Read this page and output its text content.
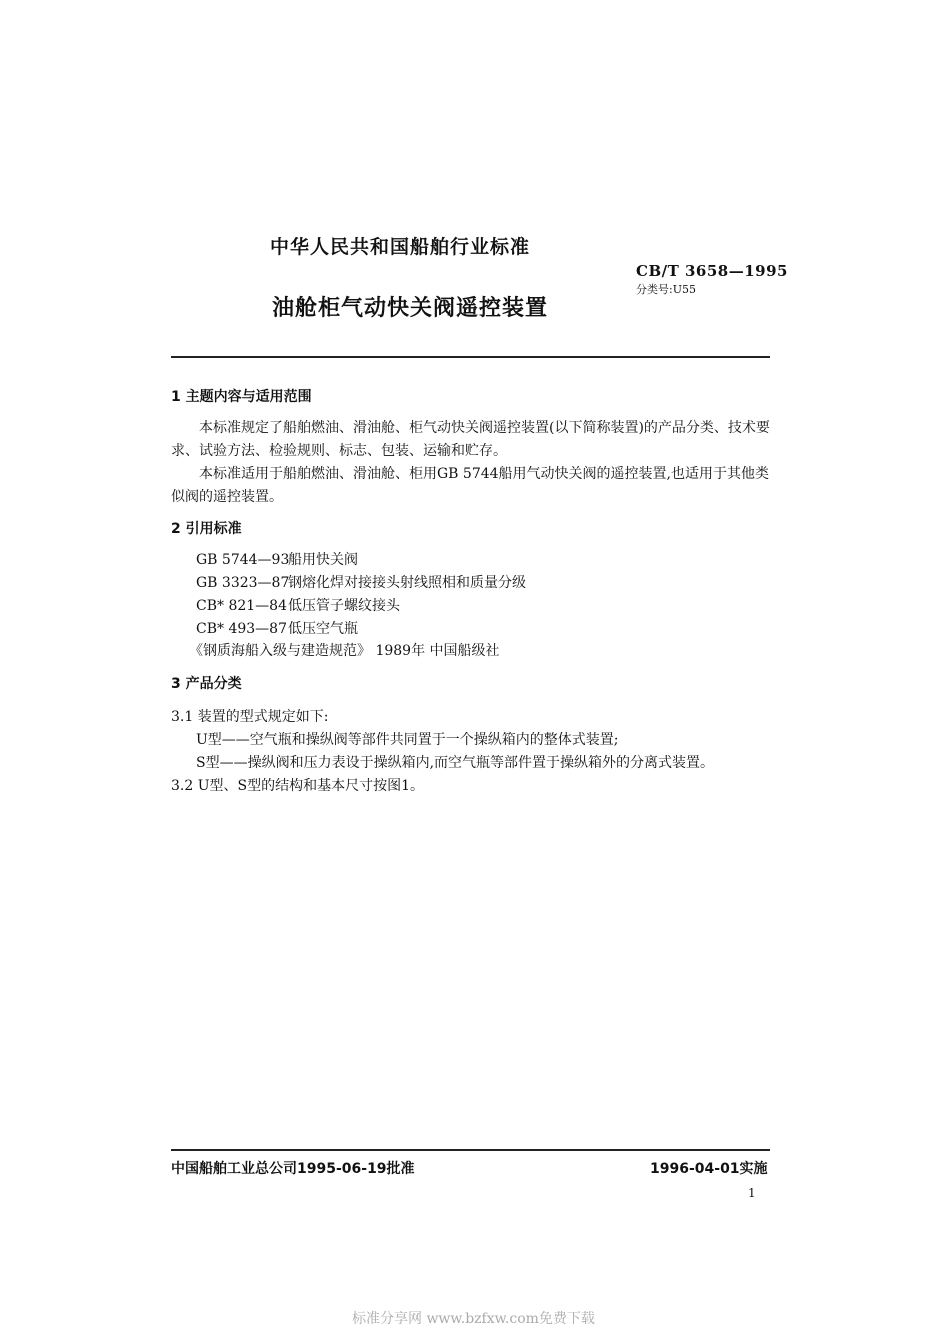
中华人民共和国船舶行业标准
CB/T 3658—1995
分类号:U55
油舱柜气动快关阀遥控装置
1 主题内容与适用范围
本标准规定了船舶燃油、滑油舱、柜气动快关阀遥控装置(以下简称装置)的产品分类、技术要求、试验方法、检验规则、标志、包装、运输和贮存。
本标准适用于船舶燃油、滑油舱、柜用GB 5744船用气动快关阀的遥控装置,也适用于其他类似阀的遥控装置。
2 引用标准
GB 5744—93船用快关阀
GB 3323—87钢熔化焊对接接头射线照相和质量分级
CB* 821—84低压管子螺纹接头
CB* 493—87低压空气瓶
《钢质海船入级与建造规范》 1989年 中国船级社
3 产品分类
3.1 装置的型式规定如下:
U型——空气瓶和操纵阀等部件共同置于一个操纵箱内的整体式装置;
S型——操纵阀和压力表设于操纵箱内,而空气瓶等部件置于操纵箱外的分离式装置。
3.2 U型、S型的结构和基本尺寸按图1。
中国船舶工业总公司1995-06-19批准	1996-04-01实施
1
标准分享网 www.bzfxw.com免费下载
